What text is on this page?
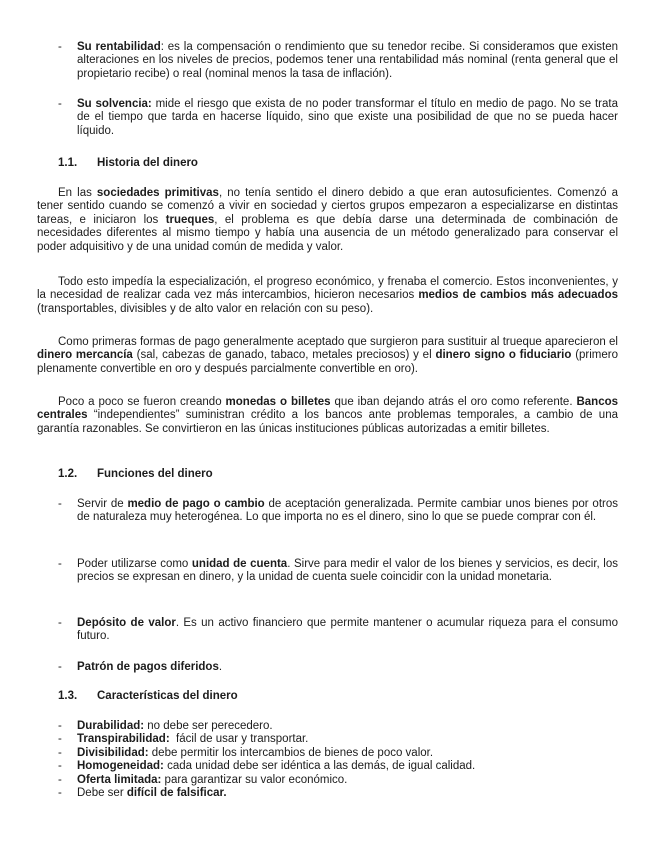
-	Su rentabilidad: es la compensación o rendimiento que su tenedor recibe. Si consideramos que existen alteraciones en los niveles de precios, podemos tener una rentabilidad más nominal (renta general que el propietario recibe) o real (nominal menos la tasa de inflación).
-	Su solvencia: mide el riesgo que exista de no poder transformar el título en medio de pago. No se trata de el tiempo que tarda en hacerse líquido, sino que existe una posibilidad de que no se pueda hacer líquido.
1.1. Historia del dinero

En las sociedades primitivas, no tenía sentido el dinero debido a que eran autosuficientes. Comenzó a tener sentido cuando se comenzó a vivir en sociedad y ciertos grupos empezaron a especializarse en distintas tareas, e iniciaron los trueques, el problema es que debía darse una determinada de combinación de necesidades diferentes al mismo tiempo y había una ausencia de un método generalizado para conservar el poder adquisitivo y de una unidad común de medida y valor.

Todo esto impedía la especialización, el progreso económico, y frenaba el comercio. Estos inconvenientes, y la necesidad de realizar cada vez más intercambios, hicieron necesarios medios de cambios más adecuados (transportables, divisibles y de alto valor en relación con su peso).

Como primeras formas de pago generalmente aceptado que surgieron para sustituir al trueque aparecieron el dinero mercancía (sal, cabezas de ganado, tabaco, metales preciosos) y el dinero signo o fiduciario (primero plenamente convertible en oro y después parcialmente convertible en oro).

Poco a poco se fueron creando monedas o billetes que iban dejando atrás el oro como referente. Bancos centrales “independientes” suministran crédito a los bancos ante problemas temporales, a cambio de una garantía razonables. Se convirtieron en las únicas instituciones públicas autorizadas a emitir billetes.

1.2. Funciones del dinero
-	Servir de medio de pago o cambio de aceptación generalizada. Permite cambiar unos bienes por otros de naturaleza muy heterogénea. Lo que importa no es el dinero, sino lo que se puede comprar con él.
-	Poder utilizarse como unidad de cuenta. Sirve para medir el valor de los bienes y servicios, es decir, los precios se expresan en dinero, y la unidad de cuenta suele coincidir con la unidad monetaria.
-	Depósito de valor. Es un activo financiero que permite mantener o acumular riqueza para el consumo futuro.
-	Patrón de pagos diferidos.
1.3. Características del dinero
- Durabilidad: no debe ser perecedero.
- Transpirabilidad:  fácil de usar y transportar.
- Divisibilidad: debe permitir los intercambios de bienes de poco valor.
- Homogeneidad: cada unidad debe ser idéntica a las demás, de igual calidad.
- Oferta limitada: para garantizar su valor económico.
- Debe ser difícil de falsificar.
